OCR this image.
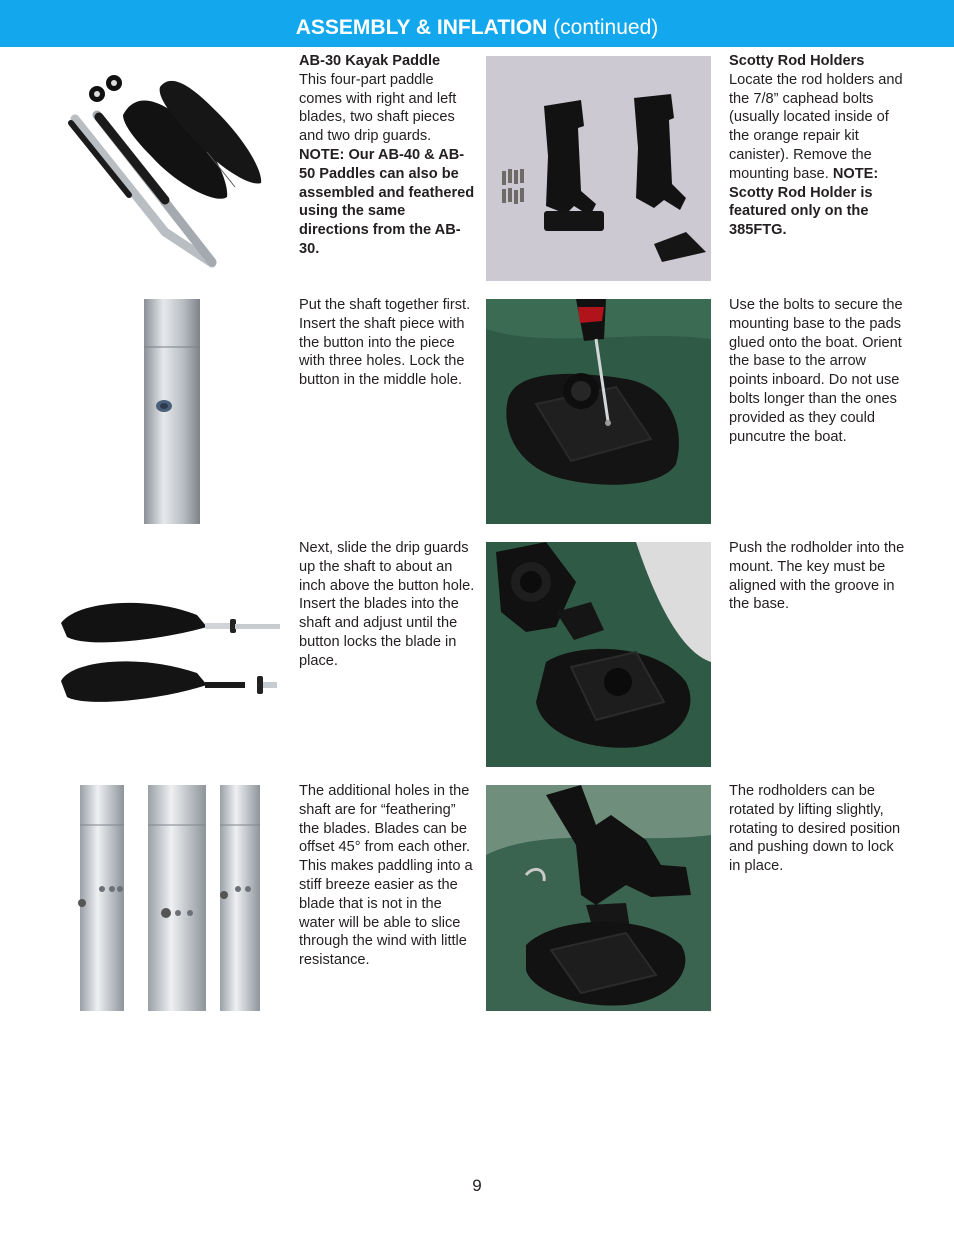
ASSEMBLY & INFLATION (continued)
AB-30 Kayak Paddle
This four-part paddle comes with right and left blades, two shaft pieces and two drip guards.
NOTE: Our AB-40 & AB-50 Paddles can also be assembled and feathered using the same directions from the AB-30.
Scotty Rod Holders
Locate the rod holders and the 7/8” caphead bolts (usually located inside of the orange repair kit canister). Remove the mounting base. NOTE: Scotty Rod Holder is featured only on the 385FTG.
Put the shaft together first. Insert the shaft piece with the button into the piece with three holes. Lock the button in the middle hole.
Use the bolts to secure the mounting base to the pads glued onto the boat. Orient the base to the arrow points inboard. Do not use bolts longer than the ones provided as they could puncutre the boat.
Next, slide the drip guards up the shaft to about an inch above the button hole. Insert the blades into the shaft and adjust until the button locks the blade in place.
Push the rodholder into the mount. The key must be aligned with the groove in the base.
The additional holes in the shaft are for “feathering” the blades. Blades can be offset 45° from each other. This makes paddling into a stiff breeze easier as the blade that is not in the water will be able to slice through the wind with little resistance.
The rodholders can be rotated by lifting slightly, rotating to desired position and pushing down to lock in place.
9
